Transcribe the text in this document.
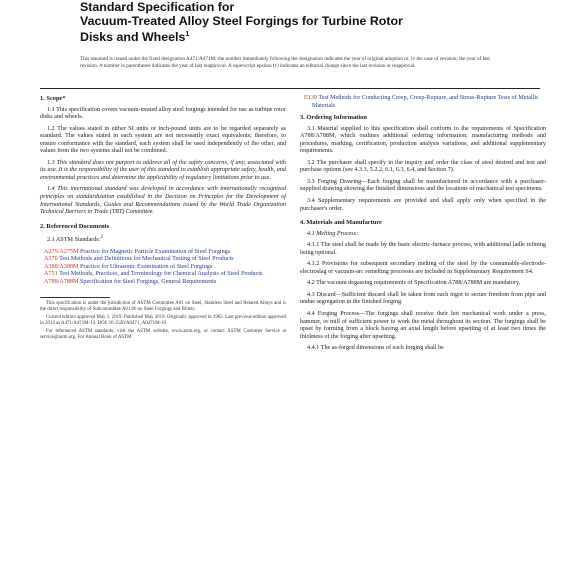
Standard Specification for
Vacuum-Treated Alloy Steel Forgings for Turbine Rotor
Disks and Wheels$^1$
This standard is issued under the fixed designation A471/A471M; the number immediately following the designation indicates the year of original adoption or, in the case of revision, the year of last revision. A number in parentheses indicates the year of last reapproval. A superscript epsilon (ε) indicates an editorial change since the last revision or reapproval.
1. Scope*
1.1 This specification covers vacuum-treated alloy steel forgings intended for use as turbine rotor disks and wheels.
1.2 The values stated in either SI units or inch-pound units are to be regarded separately as standard. The values stated in each system are not necessarily exact equivalents; therefore, to ensure conformance with the standard, each system shall be used independently of the other, and values from the two systems shall not be combined.
1.3 This standard does not purport to address all of the safety concerns, if any, associated with its use. It is the responsibility of the user of this standard to establish appropriate safety, health, and environmental practices and determine the applicability of regulatory limitations prior to use.
1.4 This international standard was developed in accordance with internationally recognized principles on standardization established in the Decision on Principles for the Development of International Standards, Guides and Recommendations issued by the World Trade Organization Technical Barriers to Trade (TBT) Committee.
2. Referenced Documents
2.1 ASTM Standards:$^2$
A275/A275M Practice for Magnetic Particle Examination of Steel Forgings
A370 Test Methods and Definitions for Mechanical Testing of Steel Products
A388/A388M Practice for Ultrasonic Examination of Steel Forgings
A751 Test Methods, Practices, and Terminology for Chemical Analysis of Steel Products
A788/A788M Specification for Steel Forgings, General Requirements
This specification is under the jurisdiction of ASTM Committee A01 on Steel, Stainless Steel and Related Alloys and is the direct responsibility of Subcommittee A01.06 on Steel Forgings and Billets.
Current edition approved May 1, 2019. Published May 2019. Originally approved in 1962. Last previous edition approved in 2014 as A471/A471M-14. DOI: 10.1520/A0471_A0471M-19.
For referenced ASTM standards, visit the ASTM website, www.astm.org, or contact ASTM Customer Service at service@astm.org. For Annual Book of ASTM
E139 Test Methods for Conducting Creep, Creep-Rupture, and Stress-Rupture Tests of Metallic Materials
3. Ordering Information
3.1 Material supplied to this specification shall conform to the requirements of Specification A788/A788M, which outlines additional ordering information, manufacturing methods and procedures, marking, certification, production analysis variations, and additional supplementary requirements.
3.2 The purchaser shall specify in the inquiry and order the class of steel desired and test and purchase options (see 4.3.3, 5.2.2, 6.1, 6.3, 6.4, and Section 7).
3.3 Forging Drawing—Each forging shall be manufactured in accordance with a purchaser-supplied drawing showing the finished dimensions and the locations of mechanical test specimens.
3.4 Supplementary requirements are provided and shall apply only when specified in the purchaser's order.
4. Materials and Manufacture
4.1 Melting Process:
4.1.1 The steel shall be made by the basic electric-furnace process, with additional ladle refining being optional.
4.1.2 Provisions for subsequent secondary melting of the steel by the consumable-electrode-electroslag or vacuum-arc remelting processes are included in Supplementary Requirement S4.
4.2 The vacuum degassing requirements of Specification A788/A788M are mandatory.
4.3 Discard—Sufficient discard shall be taken from each ingot to secure freedom from pipe and undue segregation in the finished forging.
4.4 Forging Process—The forgings shall receive their hot mechanical work under a press, hammer, or mill of sufficient power to work the metal throughout its section. The forgings shall be upset by forming from a block having an axial length before upsetting of at least two times the thickness of the forging after upsetting.
4.4.1 The as-forged dimensions of each forging shall be
